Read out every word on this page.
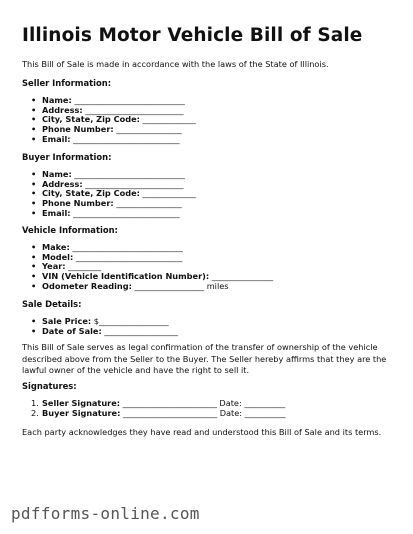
Illinois Motor Vehicle Bill of Sale

This Bill of Sale is made in accordance with the laws of the State of Illinois.

Seller Information:

• Name: ___________________________
• Address: ________________________
• City, State, Zip Code: _____________
• Phone Number: ________________
• Email: __________________________

Buyer Information:

• Name: ___________________________
• Address: ________________________
• City, State, Zip Code: _____________
• Phone Number: ________________
• Email: __________________________

Vehicle Information:

• Make: ___________________________
• Model: __________________________
• Year: ________
• VIN (Vehicle Identification Number): _______________
• Odometer Reading: _________________ miles

Sale Details:

• Sale Price: $_________________
• Date of Sale: __________________

This Bill of Sale serves as legal confirmation of the transfer of ownership of the vehicle described above from the Seller to the Buyer. The Seller hereby affirms that they are the lawful owner of the vehicle and have the right to sell it.

Signatures:

1. Seller Signature: _______________________ Date: __________
2. Buyer Signature: _______________________ Date: __________

Each party acknowledges they have read and understood this Bill of Sale and its terms.

pdfforms-online.com
